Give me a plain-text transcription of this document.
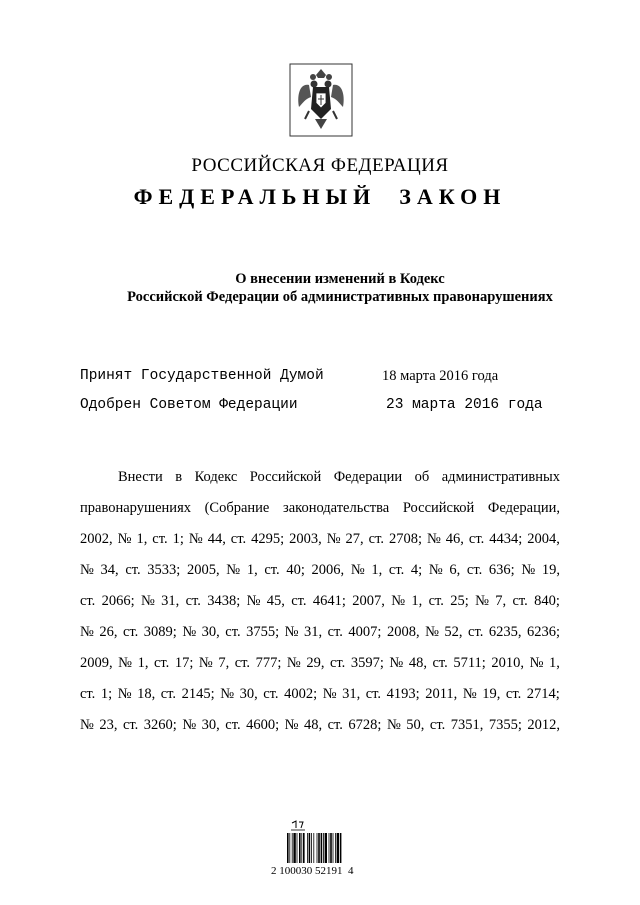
РОССИЙСКАЯ ФЕДЕРАЦИЯ
ФЕДЕРАЛЬНЫЙ  ЗАКОН
О внесении изменений в Кодекс
Российской Федерации об административных правонарушениях
Принят Государственной Думой	18 марта 2016 года
Одобрен Советом Федерации	23 марта 2016 года
Внести в Кодекс Российской Федерации об административных
правонарушениях (Собрание законодательства Российской Федерации,
2002, № 1, ст. 1; № 44, ст. 4295; 2003, № 27, ст. 2708; № 46, ст. 4434; 2004,
№ 34, ст. 3533; 2005, № 1, ст. 40; 2006, № 1, ст. 4; № 6, ст. 636; № 19,
ст. 2066; № 31, ст. 3438; № 45, ст. 4641; 2007, № 1, ст. 25; № 7, ст. 840;
№ 26, ст. 3089; № 30, ст. 3755; № 31, ст. 4007; 2008, № 52, ст. 6235, 6236;
2009, № 1, ст. 17; № 7, ст. 777; № 29, ст. 3597; № 48, ст. 5711; 2010, № 1,
ст. 1; № 18, ст. 2145; № 30, ст. 4002; № 31, ст. 4193; 2011, № 19, ст. 2714;
№ 23, ст. 3260; № 30, ст. 4600; № 48, ст. 6728; № 50, ст. 7351, 7355; 2012,
2 100030 52191  4
